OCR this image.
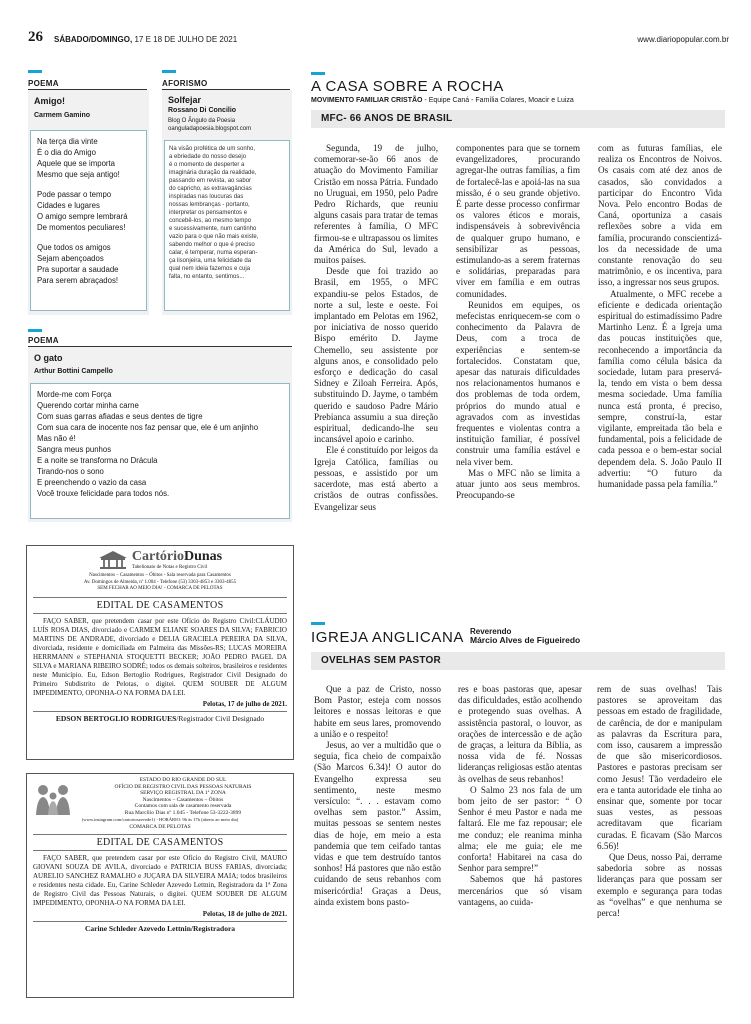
26 SÁBADO/DOMINGO, 17 E 18 DE JULHO DE 2021	www.diariopopular.com.br
POEMA
Amigo!
Carmem Gamino
Na terça dia vinte
É o dia do Amigo
Aquele que se importa
Mesmo que seja antigo!
Pode passar o tempo
Cidades e lugares
O amigo sempre lembrará
De momentos peculiares!
Que todos os amigos
Sejam abençoados
Pra suportar a saudade
Para serem abraçados!
AFORISMO
Solfejar
Rossano Di Concilio
Blog O Ângulo da Poesia
oanguladapoesia.blogspot.com
Na visão profética de um sonho,
a ebriedade do nosso desejo
é o momento de desperter a
imaginária duração da realidade,
passando em revista, ao sabor
do capricho, as extravagâncias
inspiradas nas loucuras das
nossas lembranças - portanto,
interpretar os pensamentos e
concebê-los, ao mesmo tempo
e sucessivamente, num cantinho
vazio para o que não mais existe,
sabendo melhor o que é preciso
calar, é temperar, numa esperan-
ça lisonjeira, uma felicidade da
qual nem ideia fazemos e cuja
falta, no entanto, sentimos...
POEMA
O gato
Arthur Bottini Campello
Morde-me com Força
Querendo cortar minha carne
Com suas garras afiadas e seus dentes de tigre
Com sua cara de inocente nos faz pensar que, ele é um anjinho
Mas não é!
Sangra meus punhos
E a noite se transforma no Drácula
Tirando-nos o sono
E preenchendo o vazio da casa
Você trouxe felicidade para todos nós.
CartórioDunas
Tabelionato de Notas e Registro Civil
Nascimentos – Casamentos – Óbitos - Sala reservada para Casamentos
Av. Domingos de Almeida, nº 1.004 - Telefone (53) 3303-4853 e 3303-4855
SEM FECHAR AO MEIO DIA! - COMARCA DE PELOTAS
EDITAL DE CASAMENTOS
FAÇO SABER, que pretendem casar por este Ofício do Registro Civil:CLÁUDIO LUÍS ROSA DIAS, divorciado e CARMEM ELIANE SOARES DA SILVA; FABRICIO MARTINS DE ANDRADE, divorciado e DELIA GRACIELA PEREIRA DA SILVA, divorciada, residente e domiciliada em Palmeira das Missões-RS; LUCAS MOREIRA HERRMANN e STEPHANIA STOQUETTI BECKER; JOÃO PEDRO PAGEL DA SILVA e MARIANA RIBEIRO SODRÉ; todos os demais solteiros, brasileiros e residentes neste Município. Eu, Edson Bertoglio Rodrigues, Registrador Civil Designado do Primeiro Subdistrito de Pelotas, o digitei. QUEM SOUBER DE ALGUM IMPEDIMENTO, OPONHA-O NA FORMA DA LEI.
Pelotas, 17 de julho de 2021.
EDSON BERTOGLIO RODRIGUES/Registrador Civil Designado
ESTADO DO RIO GRANDE DO SUL
OFÍCIO DE REGISTRO CIVIL DAS PESSOAS NATURAIS
SERVIÇO REGISTRAL DA 1ª ZONA
Nascimentos – Casamentos – Óbitos
Contamos com sala de casamento reservada
Rua Marcílio Dias nº 1.045 - Telefone 53-3222-3899
(www.instagram.com/cartorioszevede1) - HORÁRIO: 9h às 17h (aberto ao meio dia)
COMARCA DE PELOTAS
EDITAL DE CASAMENTOS
FAÇO SABER, que pretendem casar por este Ofício do Registro Civil, MAURO GIOVANI SOUZA DE AVILA, divorciado e PATRICIA BUSS FARIAS, divorciada; AURELIO SANCHEZ RAMALHO e JUÇARA DA SILVEIRA MAIA; todos brasileiros e residentes nesta cidade. Eu, Carine Schleder Azevedo Lettnin, Registradora da 1ª Zona de Registro Civil das Pessoas Naturais, o digitei. QUEM SOUBER DE ALGUM IMPEDIMENTO, OPONHA-O NA FORMA DA LEI.
Pelotas, 18 de julho de 2021.
Carine Schleder Azevedo Lettnin/Registradora
A CASA SOBRE A ROCHA
MOVIMENTO FAMILIAR CRISTÃO - Equipe Caná - Família Colares, Moacir e Luiza
MFC- 66 ANOS DE BRASIL

Segunda, 19 de julho, comemorar-se-ão 66 anos de atuação do Movimento Familiar Cristão em nossa Pátria. Fundado no Uruguai, em 1950, pelo Padre Pedro Richards, que reuniu alguns casais para tratar de temas referentes à família, O MFC firmou-se e ultrapassou os limites da América do Sul, levado a muitos países.

Desde que foi trazido ao Brasil, em 1955, o MFC expandiu-se pelos Estados, de norte a sul, leste e oeste. Foi implantado em Pelotas em 1962, por iniciativa de nosso querido Bispo emérito D. Jayme Chemello, seu assistente por alguns anos, e consolidado pelo esforço e dedicação do casal Sidney e Ziloah Ferreira. Após, substituindo D. Jayme, o também querido e saudoso Padre Mário Prebianca assumiu a sua direção espiritual, dedicando-lhe seu incansável apoio e carinho.

Ele é constituído por leigos da Igreja Católica, famílias ou pessoas, e assistido por um sacerdote, mas está aberto a cristãos de outras confissões. Evangelizar seus

componentes para que se tornem evangelizadores, procurando agregar-lhe outras famílias, a fim de fortalecê-las e apoiá-las na sua missão, é o seu grande objetivo. É parte desse processo confirmar os valores éticos e morais, indispensáveis à sobrevivência de qualquer grupo humano, e sensibilizar as pessoas, estimulando-as a serem fraternas e solidárias, preparadas para viver em família e em outras comunidades.

Reunidos em equipes, os mefecistas enriquecem-se com o conhecimento da Palavra de Deus, com a troca de experiências e sentem-se fortalecidos. Constatam que, apesar das naturais dificuldades nos relacionamentos humanos e dos problemas de toda ordem, próprios do mundo atual e agravados com as investidas frequentes e violentas contra a instituição familiar, é possível construir uma família estável e nela viver bem.

Mas o MFC não se limita a atuar junto aos seus membros. Preocupando-se

com as futuras famílias, ele realiza os Encontros de Noivos. Os casais com até dez anos de casados, são convidados a participar do Encontro Vida Nova. Pelo encontro Bodas de Caná, oportuniza a casais reflexões sobre a vida em família, procurando conscientizá-los da necessidade de uma constante renovação do seu matrimônio, e os incentiva, para isso, a ingressar nos seus grupos.

Atualmente, o MFC recebe a eficiente e dedicada orientação espiritual do estimadíssimo Padre Martinho Lenz. É a Igreja uma das poucas instituições que, reconhecendo a importância da família como célula básica da sociedade, lutam para preservá-la, tendo em vista o bem dessa mesma sociedade. Uma família nunca está pronta, é preciso, sempre, construí-la, estar vigilante, empreitada tão bela e fundamental, pois a felicidade de cada pessoa e o bem-estar social dependem dela. S. João Paulo II advertiu: “O futuro da humanidade passa pela família.”

IGREJA ANGLICANA Reverendo
Márcio Alves de Figueiredo
OVELHAS SEM PASTOR

Que a paz de Cristo, nosso Bom Pastor, esteja com nossos leitores e nossas leitoras e que habite em seus lares, promovendo a união e o respeito!

Jesus, ao ver a multidão que o seguia, fica cheio de compaixão (São Marcos 6.34)! O autor do Evangelho expressa seu sentimento, neste mesmo versículo: “. . . estavam como ovelhas sem pastor.” Assim, muitas pessoas se sentem nestes dias de hoje, em meio a esta pandemia que tem ceifado tantas vidas e que tem destruído tantos sonhos! Há pastores que não estão cuidando de seus rebanhos com misericórdia! Graças a Deus, ainda existem bons pasto-

res e boas pastoras que, apesar das dificuldades, estão acolhendo e protegendo suas ovelhas. A assistência pastoral, o louvor, as orações de intercessão e de ação de graças, a leitura da Bíblia, as nossa vida de fé. Nossas lideranças religiosas estão atentas às ovelhas de seus rebanhos!

O Salmo 23 nos fala de um bom jeito de ser pastor: “ O Senhor é meu Pastor e nada me faltará. Ele me faz repousar; ele me conduz; ele reanima minha alma; ele me guia; ele me conforta! Habitarei na casa do Senhor para sempre!”

Sabemos que há pastores mercenários que só visam vantagens, ao cuida-

rem de suas ovelhas! Tais pastores se aproveitam das pessoas em estado de fragilidade, de carência, de dor e manipulam as palavras da Escritura para, com isso, causarem a impressão de que são misericordiosos. Pastores e pastoras precisam ser como Jesus! Tão verdadeiro ele era e tanta autoridade ele tinha ao ensinar que, somente por tocar suas vestes, as pessoas acreditavam que ficariam curadas. E ficavam (São Marcos 6.56)!

Que Deus, nosso Pai, derrame sabedoria sobre as nossas lideranças para que possam ser exemplo e segurança para todas as “ovelhas” e que nenhuma se perca!
